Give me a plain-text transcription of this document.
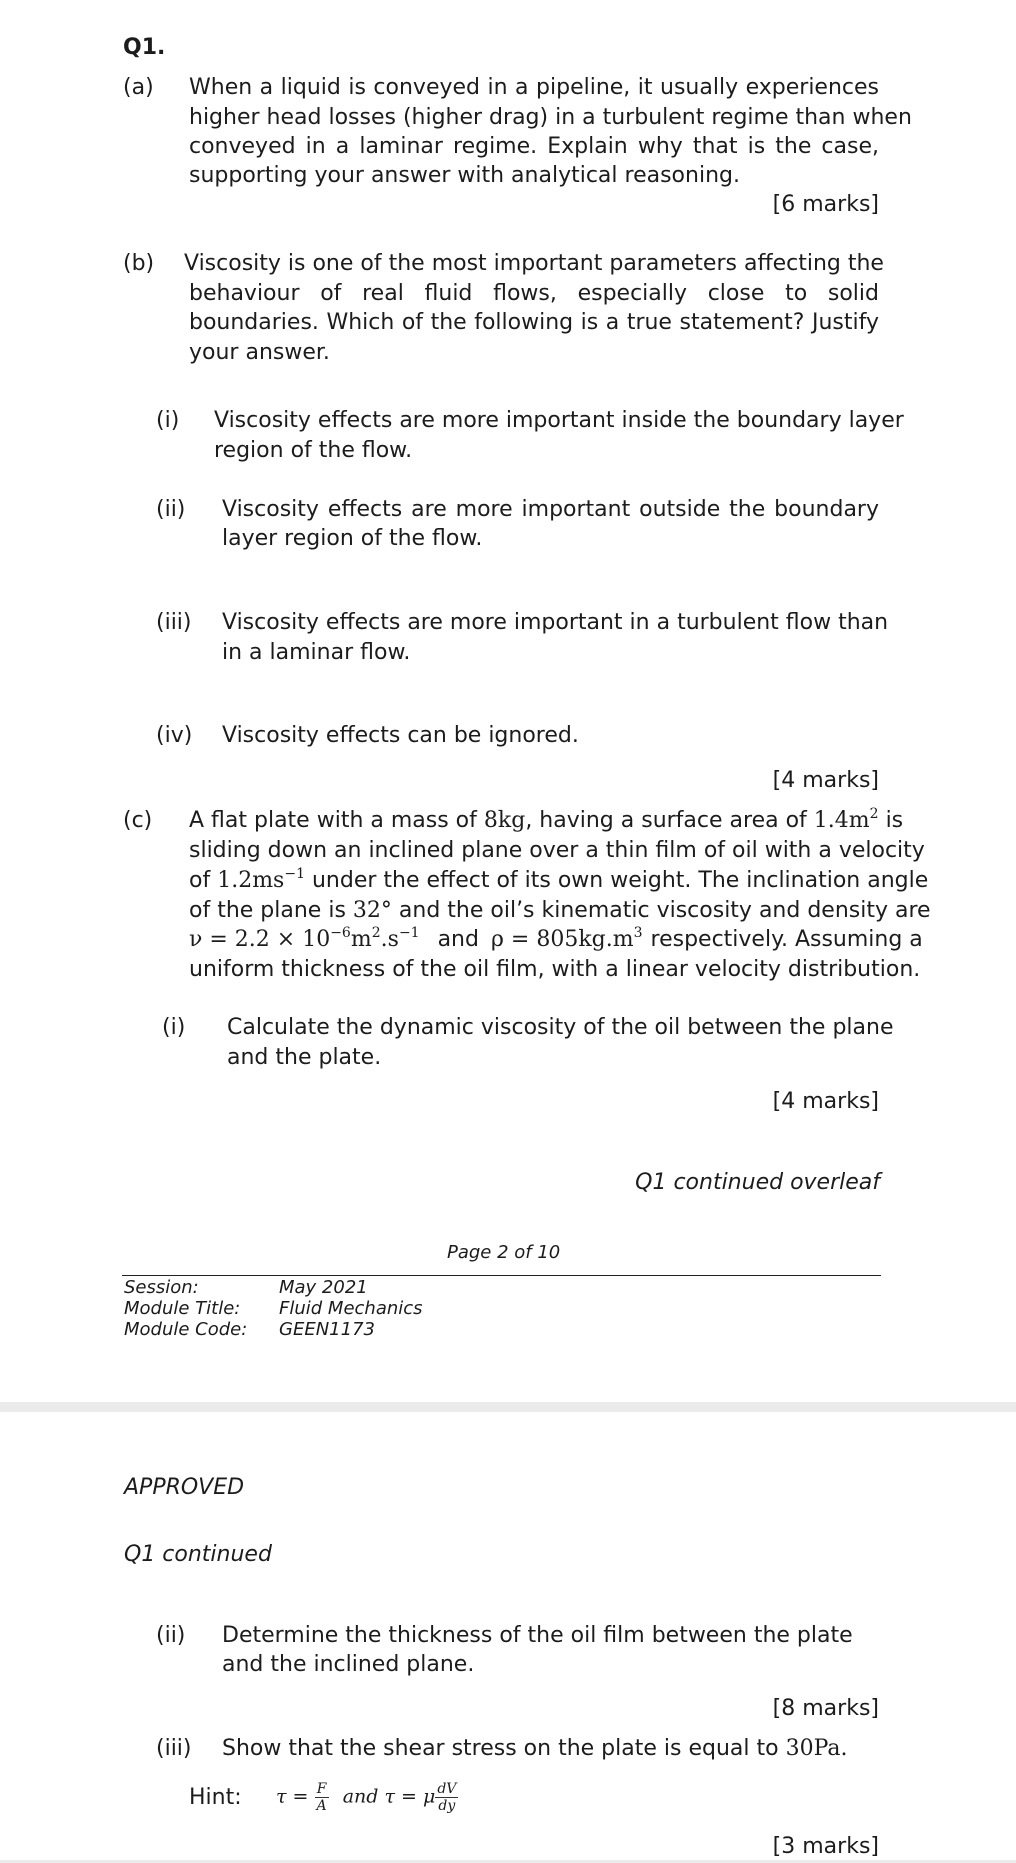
Q1.
(a) When a liquid is conveyed in a pipeline, it usually experiences
higher head losses (higher drag) in a turbulent regime than when
conveyed in a laminar regime. Explain why that is the case,
supporting your answer with analytical reasoning.
[6 marks]
(b) Viscosity is one of the most important parameters affecting the
behaviour of real fluid flows, especially close to solid
boundaries. Which of the following is a true statement? Justify
your answer.
(i) Viscosity effects are more important inside the boundary layer
region of the flow.
(ii) Viscosity effects are more important outside the boundary
layer region of the flow.
(iii) Viscosity effects are more important in a turbulent flow than
in a laminar flow.
(iv) Viscosity effects can be ignored.
[4 marks]
(c) A flat plate with a mass of 8kg, having a surface area of $1.4m^2$ is
sliding down an inclined plane over a thin film of oil with a velocity
of $1.2ms^{-1}$ under the effect of its own weight. The inclination angle
of the plane is 32° and the oil’s kinematic viscosity and density are
$\nu = 2.2 \times 10^{-6}m^2.s^{-1}$ and $\rho = 805kg.m^3$ respectively. Assuming a
uniform thickness of the oil film, with a linear velocity distribution.
(i) Calculate the dynamic viscosity of the oil between the plane
and the plate.
[4 marks]
Q1 continued overleaf
Page 2 of 10
Session:	May 2021
Module Title: Fluid Mechanics
Module Code: GEEN1173
APPROVED
Q1 continued
(ii) Determine the thickness of the oil film between the plate
and the inclined plane.
[8 marks]
(iii) Show that the shear stress on the plate is equal to 30Pa.
Hint: $\tau = \frac{F}{A}$ and τ = μ $\frac{dV}{dy}$
[3 marks]
